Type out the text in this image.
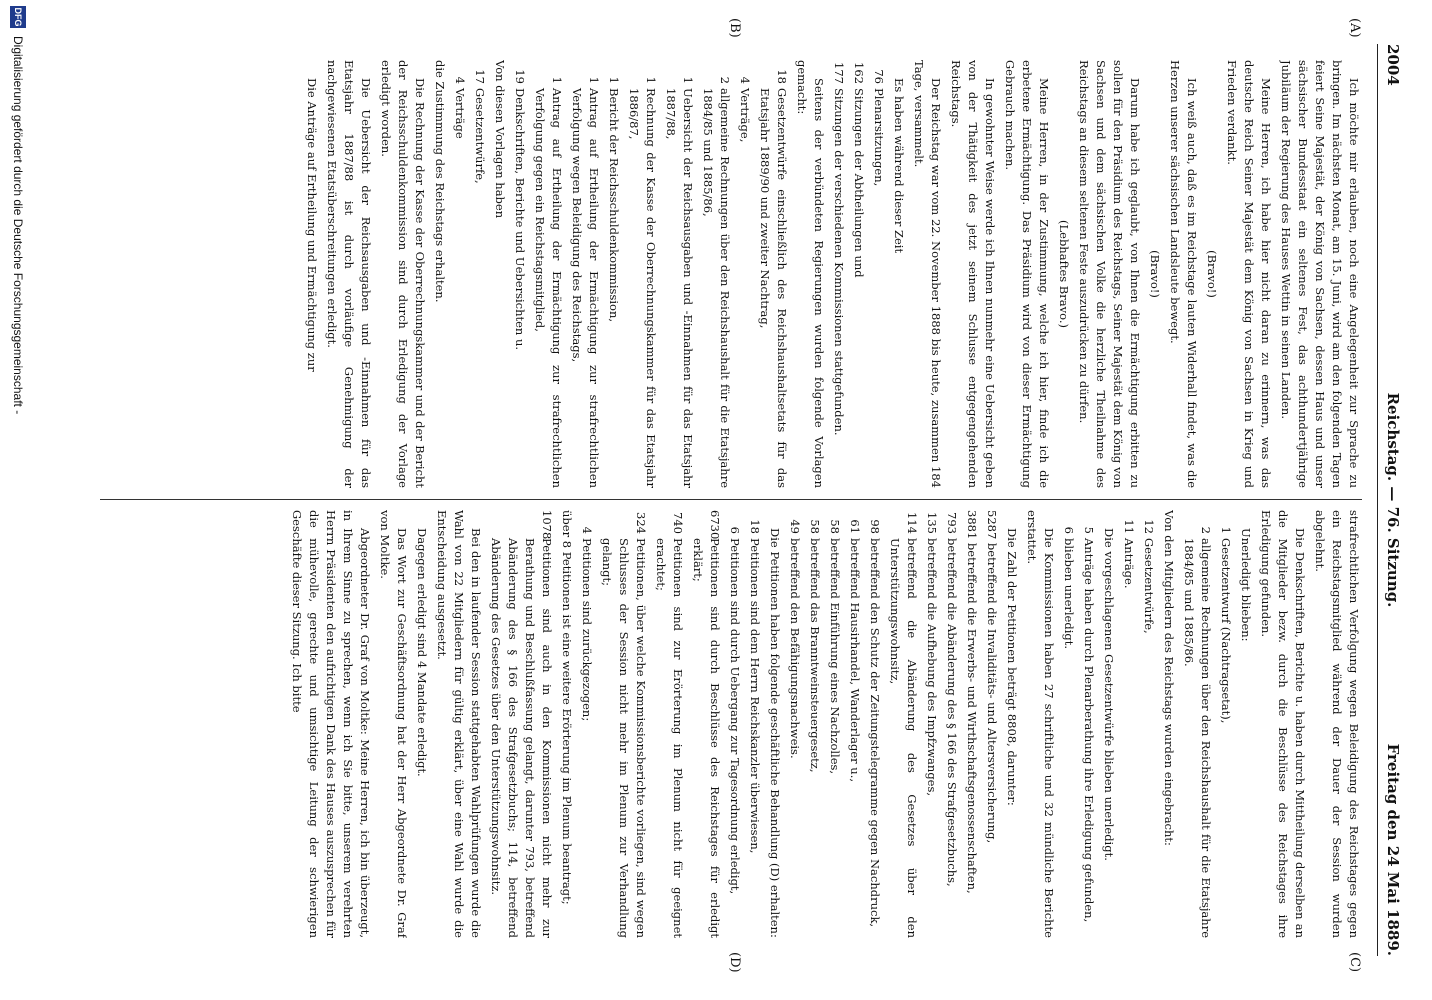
2004
Reichstag. — 76. Sitzung.
Freitag den 24 Mai 1889.
(A)
(B)
(C)
(D)

Ich möchte mir erlauben, noch eine Angelegenheit zur Sprache zu bringen. Im nächsten Monat, am 15. Juni, wird am den folgenden Tagen feiert Seine Majestät, der König von Sachsen, dessen Haus und unser sächsischer Bundesstaat ein seltenes Fest, das achthundertjährige Jubiläum der Regierung des Hauses Wettin in seinen Landen.

Meine Herren, ich habe hier nicht daran zu erinnern, was das deutsche Reich Seiner Majestät dem König von Sachsen in Krieg und Frieden verdankt.

(Bravo!)

Ich weiß auch, daß es im Reichstage lauten Widerhall findet, was die Herzen unserer sächsischen Landsleute bewegt.

(Bravo!)

Darum habe ich geglaubt, von Ihnen die Ermächtigung erbitten zu sollen für den Präsidium des Reichstags, Seiner Majestät dem König von Sachsen und dem sächsischen Volke die herzliche Theilnahme des Reichstags an diesem seltenen Feste auszudrücken zu dürfen.

(Lebhaftes Bravo.)

Meine Herren, in der Zustimmung, welche ich hier, finde ich die erbetene Ermächtigung. Das Präsidium wird von dieser Ermächtigung Gebrauch machen.

In gewohnter Weise werde ich Ihnen nunmehr eine Uebersicht geben von der Thätigkeit des jetzt seinem Schlusse entgegengehenden Reichstags.

Der Reichstag war vom 22. November 1888 bis heute, zusammen 184 Tage, versammelt.

Es haben während dieser Zeit

76
Plenarsitzungen,

162
Sitzungen der Abtheilungen und

177
Sitzungen der verschiedenen Kommissionen stattgefunden.

Seitens der verbündeten Regierungen wurden folgende Vorlagen gemacht:

18
Gesetzentwürfe einschließlich des Reichshaushaltsetats für das Etatsjahr 1889/90 und zweiter Nachtrag,

4
Verträge,

2
allgemeine Rechnungen über den Reichshaushalt für die Etatsjahre 1884/85 und 1885/86,

1
Uebersicht der Reichsausgaben und -Einnahmen für das Etatsjahr 1887/88,

1
Rechnung der Kasse der Oberrechnungskammer für das Etatsjahr 1886/87,

1
Bericht der Reichsschuldenkommission,

1
Antrag auf Ertheilung der Ermächtigung zur strafrechtlichen Verfolgung wegen Beleidigung des Reichstags,

1
Antrag auf Ertheilung der Ermächtigung zur strafrechtlichen Verfolgung gegen ein Reichstagsmitglied,

19
Denkschriften, Berichte und Uebersichten u.

Von diesen Vorlagen haben

17
Gesetzentwürfe,

4
Verträge

die Zustimmung des Reichstags erhalten.

Die Rechnung der Kasse der Oberrechnungskammer und der Bericht der Reichsschuldenkommission sind durch Erledigung der Vorlage erledigt worden.

Die Uebersicht der Reichsausgaben und -Einnahmen für das Etatsjahr 1887/88 ist durch vorläufige Genehmigung der nachgewiesenen Etatsüberschreitungen erledigt.

Die Anträge auf Ertheilung und Ermächtigung zur

strafrechtlichen Verfolgung wegen Beleidigung des Reichstages gegen ein Reichstagsmitglied während der Dauer der Session wurden abgelehnt.

Die Denkschriften, Berichte u. haben durch Mittheilung derselben an die Mitglieder bezw. durch die Beschlüsse des Reichstages ihre Erledigung gefunden.

Unerledigt blieben:

1
Gesetzentwurf (Nachtragsetat),

2
allgemeine Rechnungen über den Reichshaushalt für die Etatsjahre 1884/85 und 1885/86.

Von den Mitgliedern des Reichstags wurden eingebracht:

12
Gesetzentwürfe,

11
Anträge.

Die vorgeschlagenen Gesetzentwürfe blieben unerledigt.

5
Anträge haben durch Plenarberathung ihre Erledigung gefunden,

6
blieben unerledigt.

Die Kommissionen haben 27 schriftliche und 32 mündliche Berichte erstattet.

Die Zahl der Petitionen beträgt 8808, darunter:

5287 betreffend die Invaliditäts- und Altersversicherung,

3881 betreffend die Erwerbs- und Wirthschaftsgenossenschaften,

793
betreffend die Abänderung des § 166 des Strafgesetzbuchs,

135
betreffend die Aufhebung des Impfzwanges,

114
betreffend die Abänderung des Gesetzes über den Unterstützungswohnsitz,

98
betreffend den Schutz der Zeitungstelegramme gegen Nachdruck,

61
betreffend Hausirhandel, Wanderlager u.,

58
betreffend Einführung eines Nachzolles,

58
betreffend das Branntweinsteuergesetz,

49
betreffend den Befähigungsnachweis.

Die Petitionen haben folgende geschäftliche Behandlung (D) erhalten:

18
Petitionen sind dem Herrn Reichskanzler überwiesen,

6
Petitionen sind durch Uebergang zur Tagesordnung erledigt,

6730
Petitionen sind durch Beschlüsse des Reichstages für erledigt erklärt;

740
Petitionen sind zur Erörterung im Plenum nicht für geeignet erachtet;

324
Petitionen, über welche Kommissionsberichte vorliegen, sind wegen Schlusses der Session nicht mehr im Plenum zur Verhandlung gelangt;

4
Petitionen sind zurückgezogen;

über 8 Petitionen ist eine weitere Erörterung im Plenum beantragt;

1078
Petitionen sind auch in den Kommissionen nicht mehr zur Berathung und Beschlußfassung gelangt, darunter 793, betreffend Abänderung des § 166 des Strafgesetzbuchs; 114, betreffend Abänderung des Gesetzes über den Unterstützungswohnsitz.

Bei den in laufender Session stattgehabten Wahlprüfungen wurde die Wahl von 22 Mitgliedern für gültig erklärt, über eine Wahl wurde die Entscheidung ausgesetzt.

Dagegen erledigt sind 4 Mandate erledigt.

Das Wort zur Geschäftsordnung hat der Herr Abgeordnete Dr. Graf von Moltke.

Abgeordneter Dr. Graf von Moltke: Meine Herren, ich bin überzeugt, in Ihrem Sinne zu sprechen, wenn ich Sie bitte, unserem verehrten Herrn Präsidenten den aufrichtigen Dank des Hauses auszusprechen für die mühevolle, gerechte und umsichtige Leitung der schwierigen Geschäfte dieser Sitzung. Ich bitte

DFG
Digitalisierung gefördert durch die Deutsche Forschungsgemeinschaft -
